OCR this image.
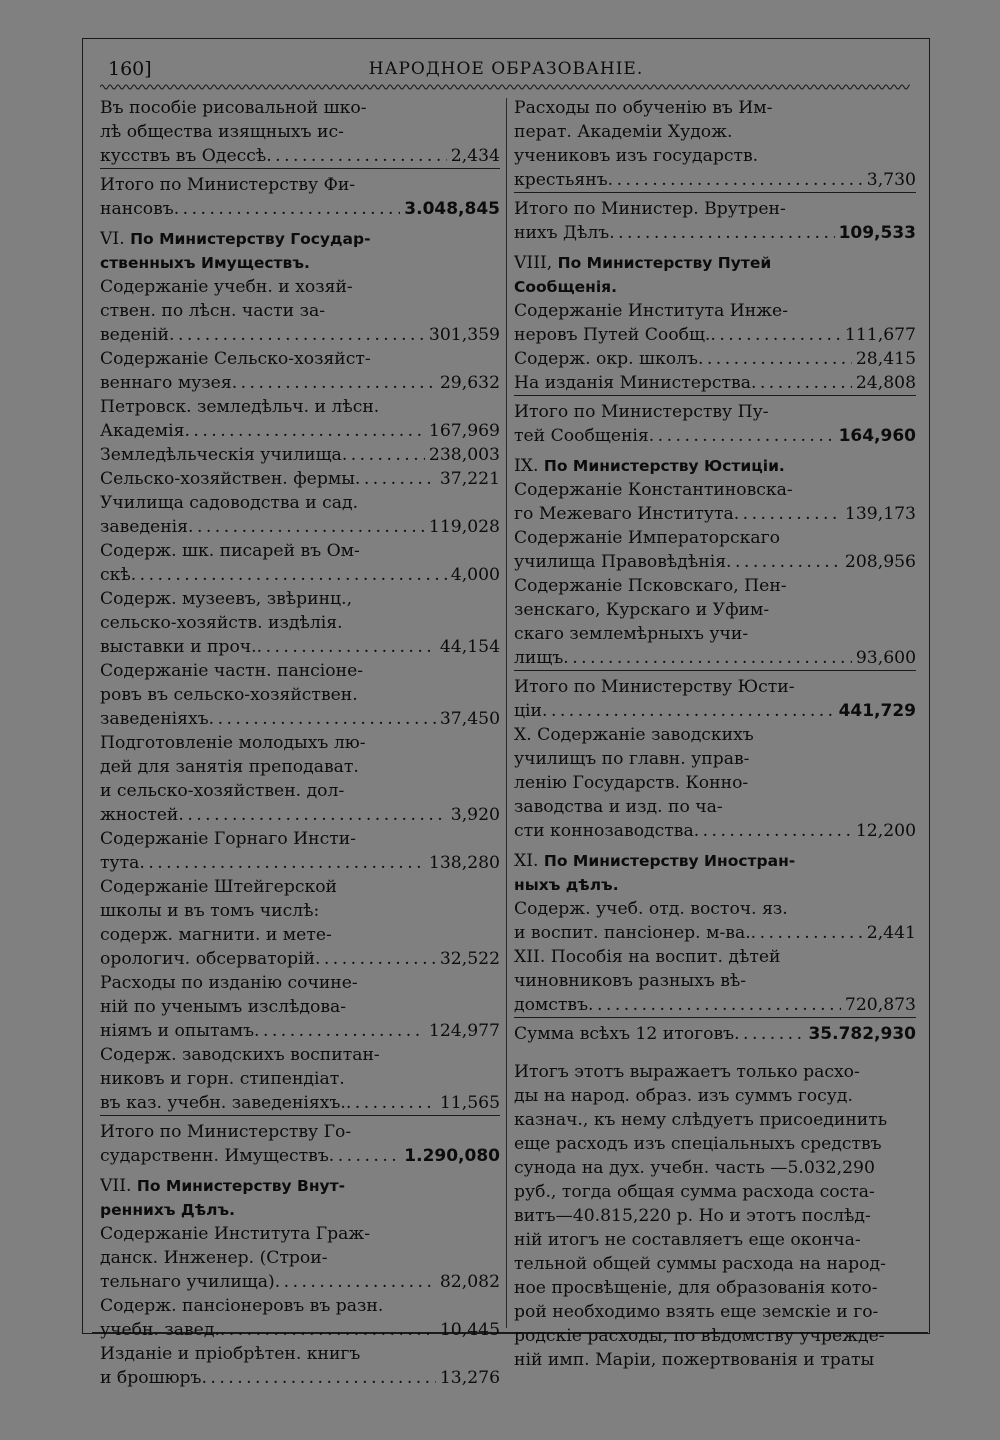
160]	НАРОДНОЕ ОБРАЗОВАНІЕ.
Въ пособіе рисовальной шко-
лѣ общества изящныхъ ис-
кусствъ въ Одессѣ . . .	2,434
Итого по Министерству Фи-
нансовъ . . .	3.048,845
VI. По Министерству Государ-
ственныхъ Имуществъ.
Содержаніе учебн. и хозяй-
ствен. по лѣсн. части за-
веденій . . .	301,359
Содержаніе Сельско-хозяйст-
веннаго музея . . .	29,632
Петровск. земледѣльч. и лѣсн.
Академія . . .	167,969
Земледѣльческія училища . . .	238,003
Сельско-хозяйствен. фермы . . .	37,221
Училища садоводства и сад.
заведенія . . .	119,028
Содерж. шк. писарей въ Ом-
скѣ . . .	4,000
Содерж. музеевъ, звѣринц.,
сельско-хозяйств. издѣлія.
выставки и проч. . . .	44,154
Содержаніе частн. пансіоне-
ровъ въ сельско-хозяйствен.
заведеніяхъ . . .	37,450
Подготовленіе молодыхъ лю-
дей для занятія преподават.
и сельско-хозяйствен. дол-
жностей . . .	3,920
Содержаніе Горнаго Инсти-
тута . . .	138,280
Содержаніе Штейгерской
школы и въ томъ числѣ:
содерж. магнити. и мете-
орологич. обсерваторій . . .	32,522
Расходы по изданію сочине-
ній по ученымъ изслѣдова-
ніямъ и опытамъ . . .	124,977
Содерж. заводскихъ воспитан-
никовъ и горн. стипендіат.
въ каз. учебн. заведеніяхъ. . . .	11,565
Итого по Министерству Го-
сударственн. Имуществъ . . .	1.290,080
VII. По Министерству Внут-
реннихъ Дѣлъ.
Содержаніе Института Граж-
данск. Инженер. (Строи-
тельнаго училища) . . .	82,082
Содерж. пансіонеровъ въ разн.
учебн. завед. . . .	10,445
Изданіе и пріобрѣтен. книгъ
и брошюръ . . .	13,276
Расходы по обученію въ Им-
перат. Академіи Худож.
учениковъ изъ государств.
крестьянъ . . .	3,730
Итого по Министер. Врутрен-
нихъ Дѣлъ . . .	109,533
VIII, По Министерству Путей
Сообщенія.
Содержаніе Института Инже-
неровъ Путей Сообщ. . . .	111,677
Содерж. окр. школъ . . .	28,415
На изданія Министерства . . .	24,808
Итого по Министерству Пу-
тей Сообщенія . . .	164,960
IX. По Министерству Юстиціи.
Содержаніе Константиновска-
го Межеваго Института . . .	139,173
Содержаніе Императорскаго
училища Правовѣдѣнія . . .	208,956
Содержаніе Псковскаго, Пен-
зенскаго, Курскаго и Уфим-
скаго землемѣрныхъ учи-
лищъ . . .	93,600
Итого по Министерству Юсти-
ціи . . .	441,729
X. Содержаніе заводскихъ
училищъ по главн. управ-
ленію Государств. Конно-
заводства и изд. по ча-
сти коннозаводства . . .	12,200
XI. По Министерству Иностран-
ныхъ дѣлъ.
Содерж. учеб. отд. восточ. яз.
и воспит. пансіонер. м-ва. . . .	2,441
XII. Пособія на воспит. дѣтей
чиновниковъ разныхъ вѣ-
домствъ . . .	720,873
Сумма всѣхъ 12 итоговъ . . .	35.782,930
Итогъ этотъ выражаетъ только расхо-
ды на народ. образ. изъ суммъ госуд.
казнач., къ нему слѣдуетъ присоединить
еще расходъ изъ спеціальныхъ средствъ
сунода на дух. учебн. часть —5.032,290
руб., тогда общая сумма расхода соста-
витъ—40.815,220 р. Но и этотъ послѣд-
ній итогъ не составляетъ еще оконча-
тельной общей суммы расхода на народ-
ное просвѣщеніе, для образованія кото-
рой необходимо взять еще земскіе и го-
родскіе расходы, по вѣдомству учрежде-
ній имп. Маріи, пожертвованія и траты
